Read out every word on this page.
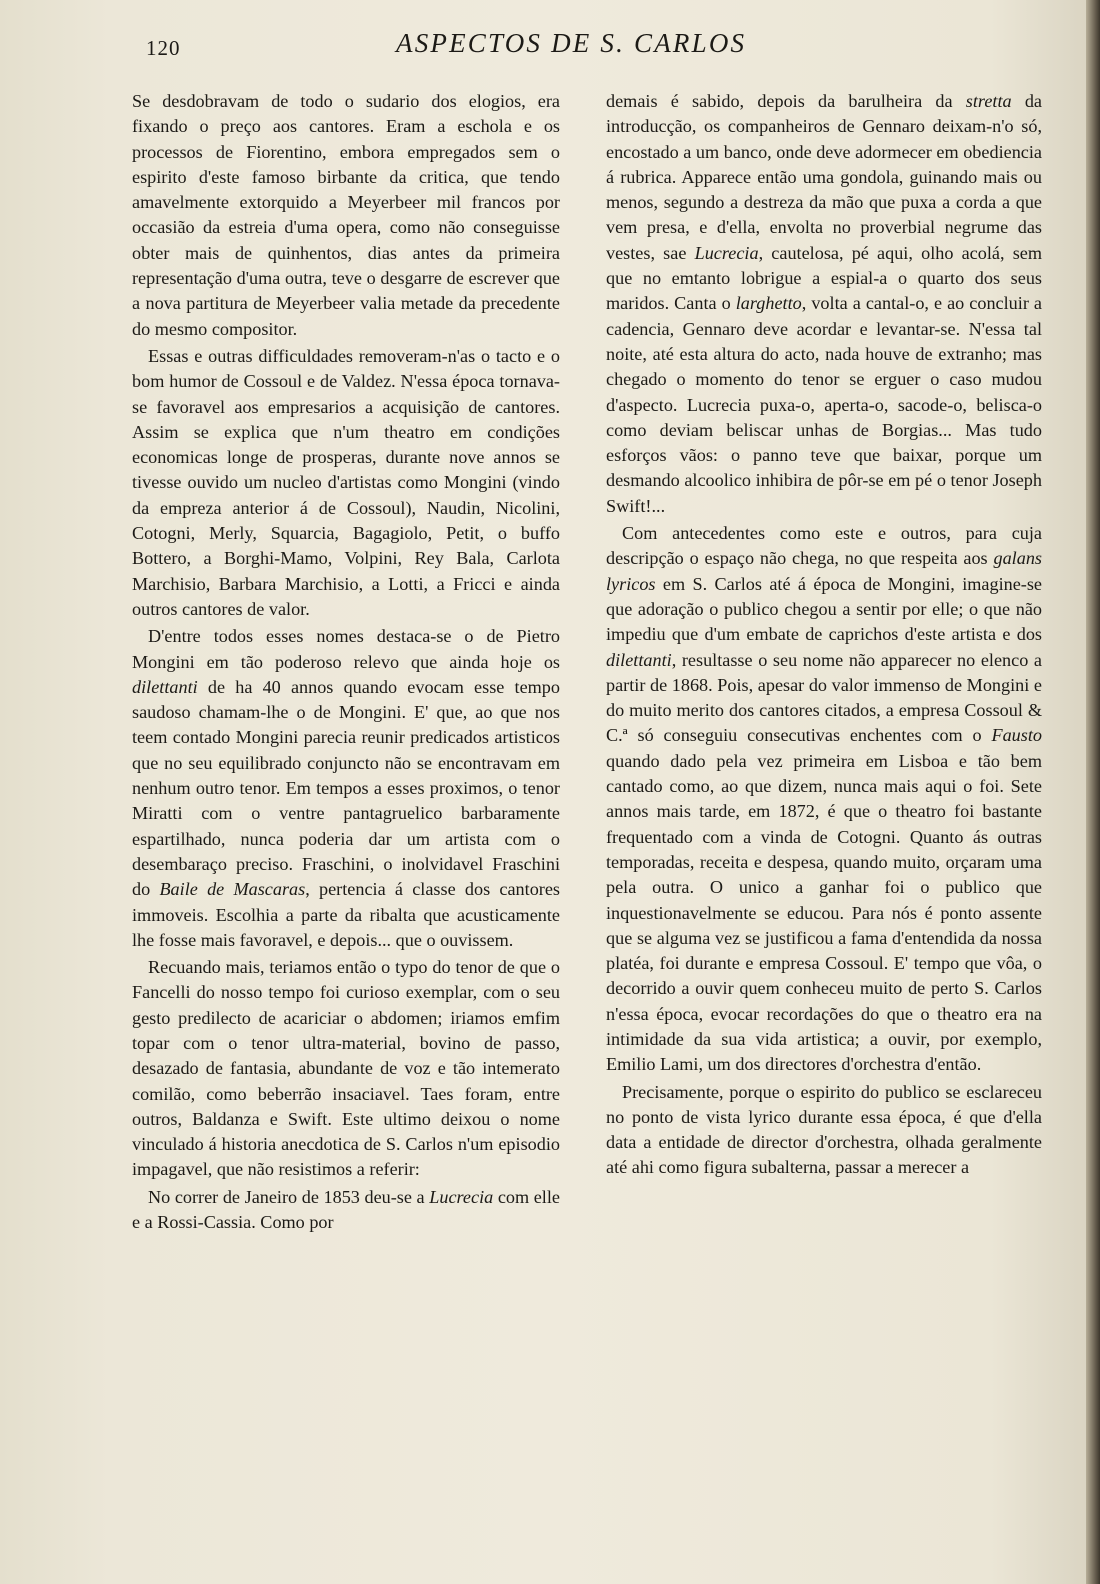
120	ASPECTOS DE S. CARLOS

Se desdobravam de todo o sudario dos elogios, era fixando o preço aos cantores. Eram a eschola e os processos de Fiorentino, embora empregados sem o espirito d'este famoso birbante da critica, que tendo amavelmente extorquido a Meyerbeer mil francos por occasião da estreia d'uma opera, como não conseguisse obter mais de quinhentos, dias antes da primeira representação d'uma outra, teve o desgarre de escrever que a nova partitura de Meyerbeer valia metade da precedente do mesmo compositor.

Essas e outras difficuldades removeram-n'as o tacto e o bom humor de Cossoul e de Valdez. N'essa época tornava-se favoravel aos empresarios a acquisição de cantores. Assim se explica que n'um theatro em condições economicas longe de prosperas, durante nove annos se tivesse ouvido um nucleo d'artistas como Mongini (vindo da empreza anterior á de Cossoul), Naudin, Nicolini, Cotogni, Merly, Squarcia, Bagagiolo, Petit, o buffo Bottero, a Borghi-Mamo, Volpini, Rey Bala, Carlota Marchisio, Barbara Marchisio, a Lotti, a Fricci e ainda outros cantores de valor.

D'entre todos esses nomes destaca-se o de Pietro Mongini em tão poderoso relevo que ainda hoje os dilettanti de ha 40 annos quando evocam esse tempo saudoso chamam-lhe o de Mongini. E' que, ao que nos teem contado Mongini parecia reunir predicados artisticos que no seu equilibrado conjuncto não se encontravam em nenhum outro tenor. Em tempos a esses proximos, o tenor Miratti com o ventre pantagruelico barbaramente espartilhado, nunca poderia dar um artista com o desembaraço preciso. Fraschini, o inolvidavel Fraschini do Baile de Mascaras, pertencia á classe dos cantores immoveis. Escolhia a parte da ribalta que acusticamente lhe fosse mais favoravel, e depois... que o ouvissem.

Recuando mais, teriamos então o typo do tenor de que o Fancelli do nosso tempo foi curioso exemplar, com o seu gesto predilecto de acariciar o abdomen; iriamos emfim topar com o tenor ultra-material, bovino de passo, desazado de fantasia, abundante de voz e tão intemerato comilão, como beberrão insaciavel. Taes foram, entre outros, Baldanza e Swift. Este ultimo deixou o nome vinculado á historia anecdotica de S. Carlos n'um episodio impagavel, que não resistimos a referir:

No correr de Janeiro de 1853 deu-se a Lucrecia com elle e a Rossi-Cassia. Como por

demais é sabido, depois da barulheira da stretta da introducção, os companheiros de Gennaro deixam-n'o só, encostado a um banco, onde deve adormecer em obediencia á rubrica. Apparece então uma gondola, guinando mais ou menos, segundo a destreza da mão que puxa a corda a que vem presa, e d'ella, envolta no proverbial negrume das vestes, sae Lucrecia, cautelosa, pé aqui, olho acolá, sem que no emtanto lobrigue a espial-a o quarto dos seus maridos. Canta o larghetto, volta a cantal-o, e ao concluir a cadencia, Gennaro deve acordar e levantar-se. N'essa tal noite, até esta altura do acto, nada houve de extranho; mas chegado o momento do tenor se erguer o caso mudou d'aspecto. Lucrecia puxa-o, aperta-o, sacode-o, belisca-o como deviam beliscar unhas de Borgias... Mas tudo esforços vãos: o panno teve que baixar, porque um desmando alcoolico inhibira de pôr-se em pé o tenor Joseph Swift!...

Com antecedentes como este e outros, para cuja descripção o espaço não chega, no que respeita aos galans lyricos em S. Carlos até á época de Mongini, imagine-se que adoração o publico chegou a sentir por elle; o que não impediu que d'um embate de caprichos d'este artista e dos dilettanti, resultasse o seu nome não apparecer no elenco a partir de 1868. Pois, apesar do valor immenso de Mongini e do muito merito dos cantores citados, a empresa Cossoul & C.ª só conseguiu consecutivas enchentes com o Fausto quando dado pela vez primeira em Lisboa e tão bem cantado como, ao que dizem, nunca mais aqui o foi. Sete annos mais tarde, em 1872, é que o theatro foi bastante frequentado com a vinda de Cotogni. Quanto ás outras temporadas, receita e despesa, quando muito, orçaram uma pela outra. O unico a ganhar foi o publico que inquestionavelmente se educou. Para nós é ponto assente que se alguma vez se justificou a fama d'entendida da nossa platéa, foi durante e empresa Cossoul. E' tempo que vôa, o decorrido a ouvir quem conheceu muito de perto S. Carlos n'essa época, evocar recordações do que o theatro era na intimidade da sua vida artistica; a ouvir, por exemplo, Emilio Lami, um dos directores d'orchestra d'então.

Precisamente, porque o espirito do publico se esclareceu no ponto de vista lyrico durante essa época, é que d'ella data a entidade de director d'orchestra, olhada geralmente até ahi como figura subalterna, passar a merecer a
